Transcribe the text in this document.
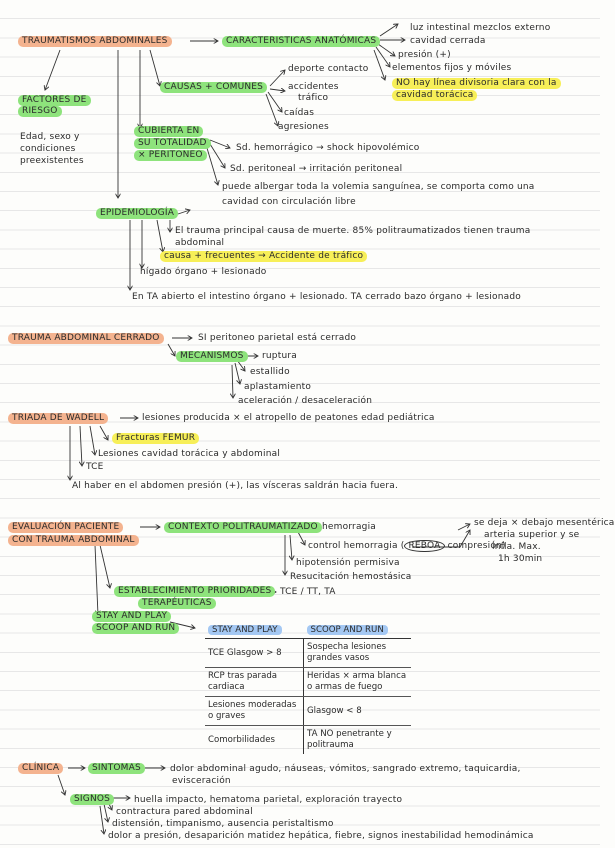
TRAUMATISMOS ABDOMINALES	CARACTERISTICAS ANATÓMICAS
luz intestinal mezclos externo
cavidad cerrada
presión (+)
elementos fijos y móviles
NO hay línea divisoria clara con la
cavidad torácica
CAUSAS + COMUNES
deporte contacto
accidentes
tráfico
caídas
agresiones
FACTORES DE
RIESGO
Edad, sexo y
condiciones
preexistentes
CUBIERTA EN
SU TOTALIDAD
× PERITONEO
Sd. hemorrágico → shock hipovolémico
Sd. peritoneal → irritación peritoneal
puede albergar toda la volemia sanguínea, se comporta como una
cavidad con circulación libre
EPIDEMIOLOGÍA
El trauma principal causa de muerte. 85% politraumatizados tienen trauma
abdominal
causa + frecuentes → Accidente de tráfico
hígado órgano + lesionado
En TA abierto el intestino órgano + lesionado. TA cerrado bazo órgano + lesionado
TRAUMA ABDOMINAL CERRADO	SI peritoneo parietal está cerrado
MECANISMOS	ruptura
estallido
aplastamiento
aceleración / desaceleración
TRIADA DE WADELL	lesiones producida × el atropello de peatones edad pediátrica
Fracturas FEMUR
Lesiones cavidad torácica y abdominal
TCE
Al haber en el abdomen presión (+), las vísceras saldrán hacia fuera.
EVALUACIÓN PACIENTE
CON TRAUMA ABDOMINAL
CONTEXTO POLITRAUMATIZADO hemorragia
control hemorragia ( REBOA compresión)
se deja × debajo mesentérica
arteria superior y se
infla. Max.
1h 30min
hipotensión permisiva
Resucitación hemostásica
ESTABLECIMIENTO PRIORIDADES
TERAPÉUTICAS
TCE / TT, TA
STAY AND PLAY
SCOOP AND RUN	STAY AND PLAY	SCOOP AND RUN
TCE Glasgow > 8	Sospecha lesiones grandes vasos
RCP tras parada cardiaca	Heridas × arma blanca o armas de fuego
Lesiones moderadas o graves	Glasgow < 8
Comorbilidades	TA NO penetrante y politrauma
CLÍNICA	SINTOMAS	dolor abdominal agudo, náuseas, vómitos, sangrado extremo, taquicardia,
evisceración
SIGNOS	huella impacto, hematoma parietal, exploración trayecto
contractura pared abdominal
distensión, timpanismo, ausencia peristaltismo
dolor a presión, desaparición matidez hepática, fiebre, signos inestabilidad hemodinámica
